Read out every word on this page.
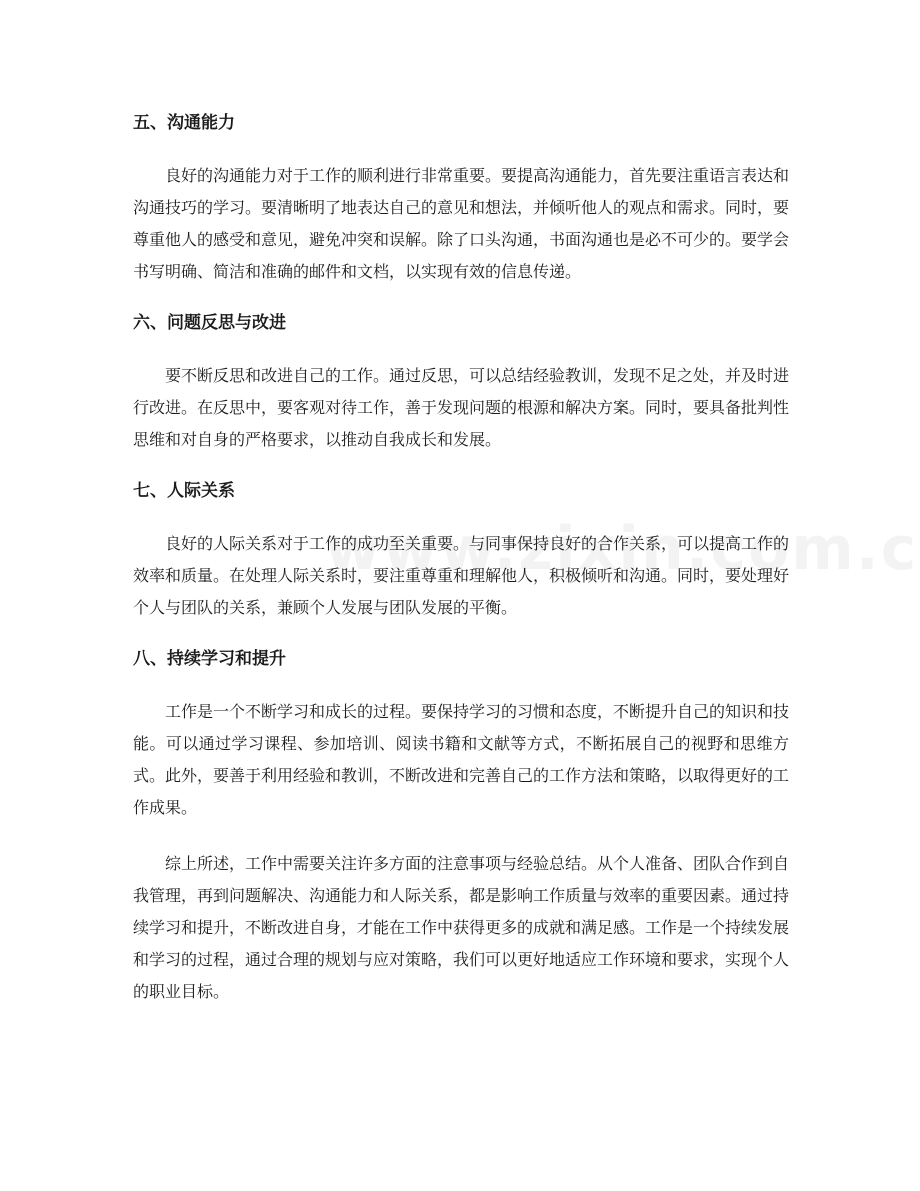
五、沟通能力

良好的沟通能力对于工作的顺利进行非常重要。要提高沟通能力，首先要注重语言表达和沟通技巧的学习。要清晰明了地表达自己的意见和想法，并倾听他人的观点和需求。同时，要尊重他人的感受和意见，避免冲突和误解。除了口头沟通，书面沟通也是必不可少的。要学会书写明确、简洁和准确的邮件和文档，以实现有效的信息传递。

六、问题反思与改进

要不断反思和改进自己的工作。通过反思，可以总结经验教训，发现不足之处，并及时进行改进。在反思中，要客观对待工作，善于发现问题的根源和解决方案。同时，要具备批判性思维和对自身的严格要求，以推动自我成长和发展。

七、人际关系

良好的人际关系对于工作的成功至关重要。与同事保持良好的合作关系，可以提高工作的效率和质量。在处理人际关系时，要注重尊重和理解他人，积极倾听和沟通。同时，要处理好个人与团队的关系，兼顾个人发展与团队发展的平衡。

八、持续学习和提升

工作是一个不断学习和成长的过程。要保持学习的习惯和态度，不断提升自己的知识和技能。可以通过学习课程、参加培训、阅读书籍和文献等方式，不断拓展自己的视野和思维方式。此外，要善于利用经验和教训，不断改进和完善自己的工作方法和策略，以取得更好的工作成果。

综上所述，工作中需要关注许多方面的注意事项与经验总结。从个人准备、团队合作到自我管理，再到问题解决、沟通能力和人际关系，都是影响工作质量与效率的重要因素。通过持续学习和提升，不断改进自身，才能在工作中获得更多的成就和满足感。工作是一个持续发展和学习的过程，通过合理的规划与应对策略，我们可以更好地适应工作环境和要求，实现个人的职业目标。
